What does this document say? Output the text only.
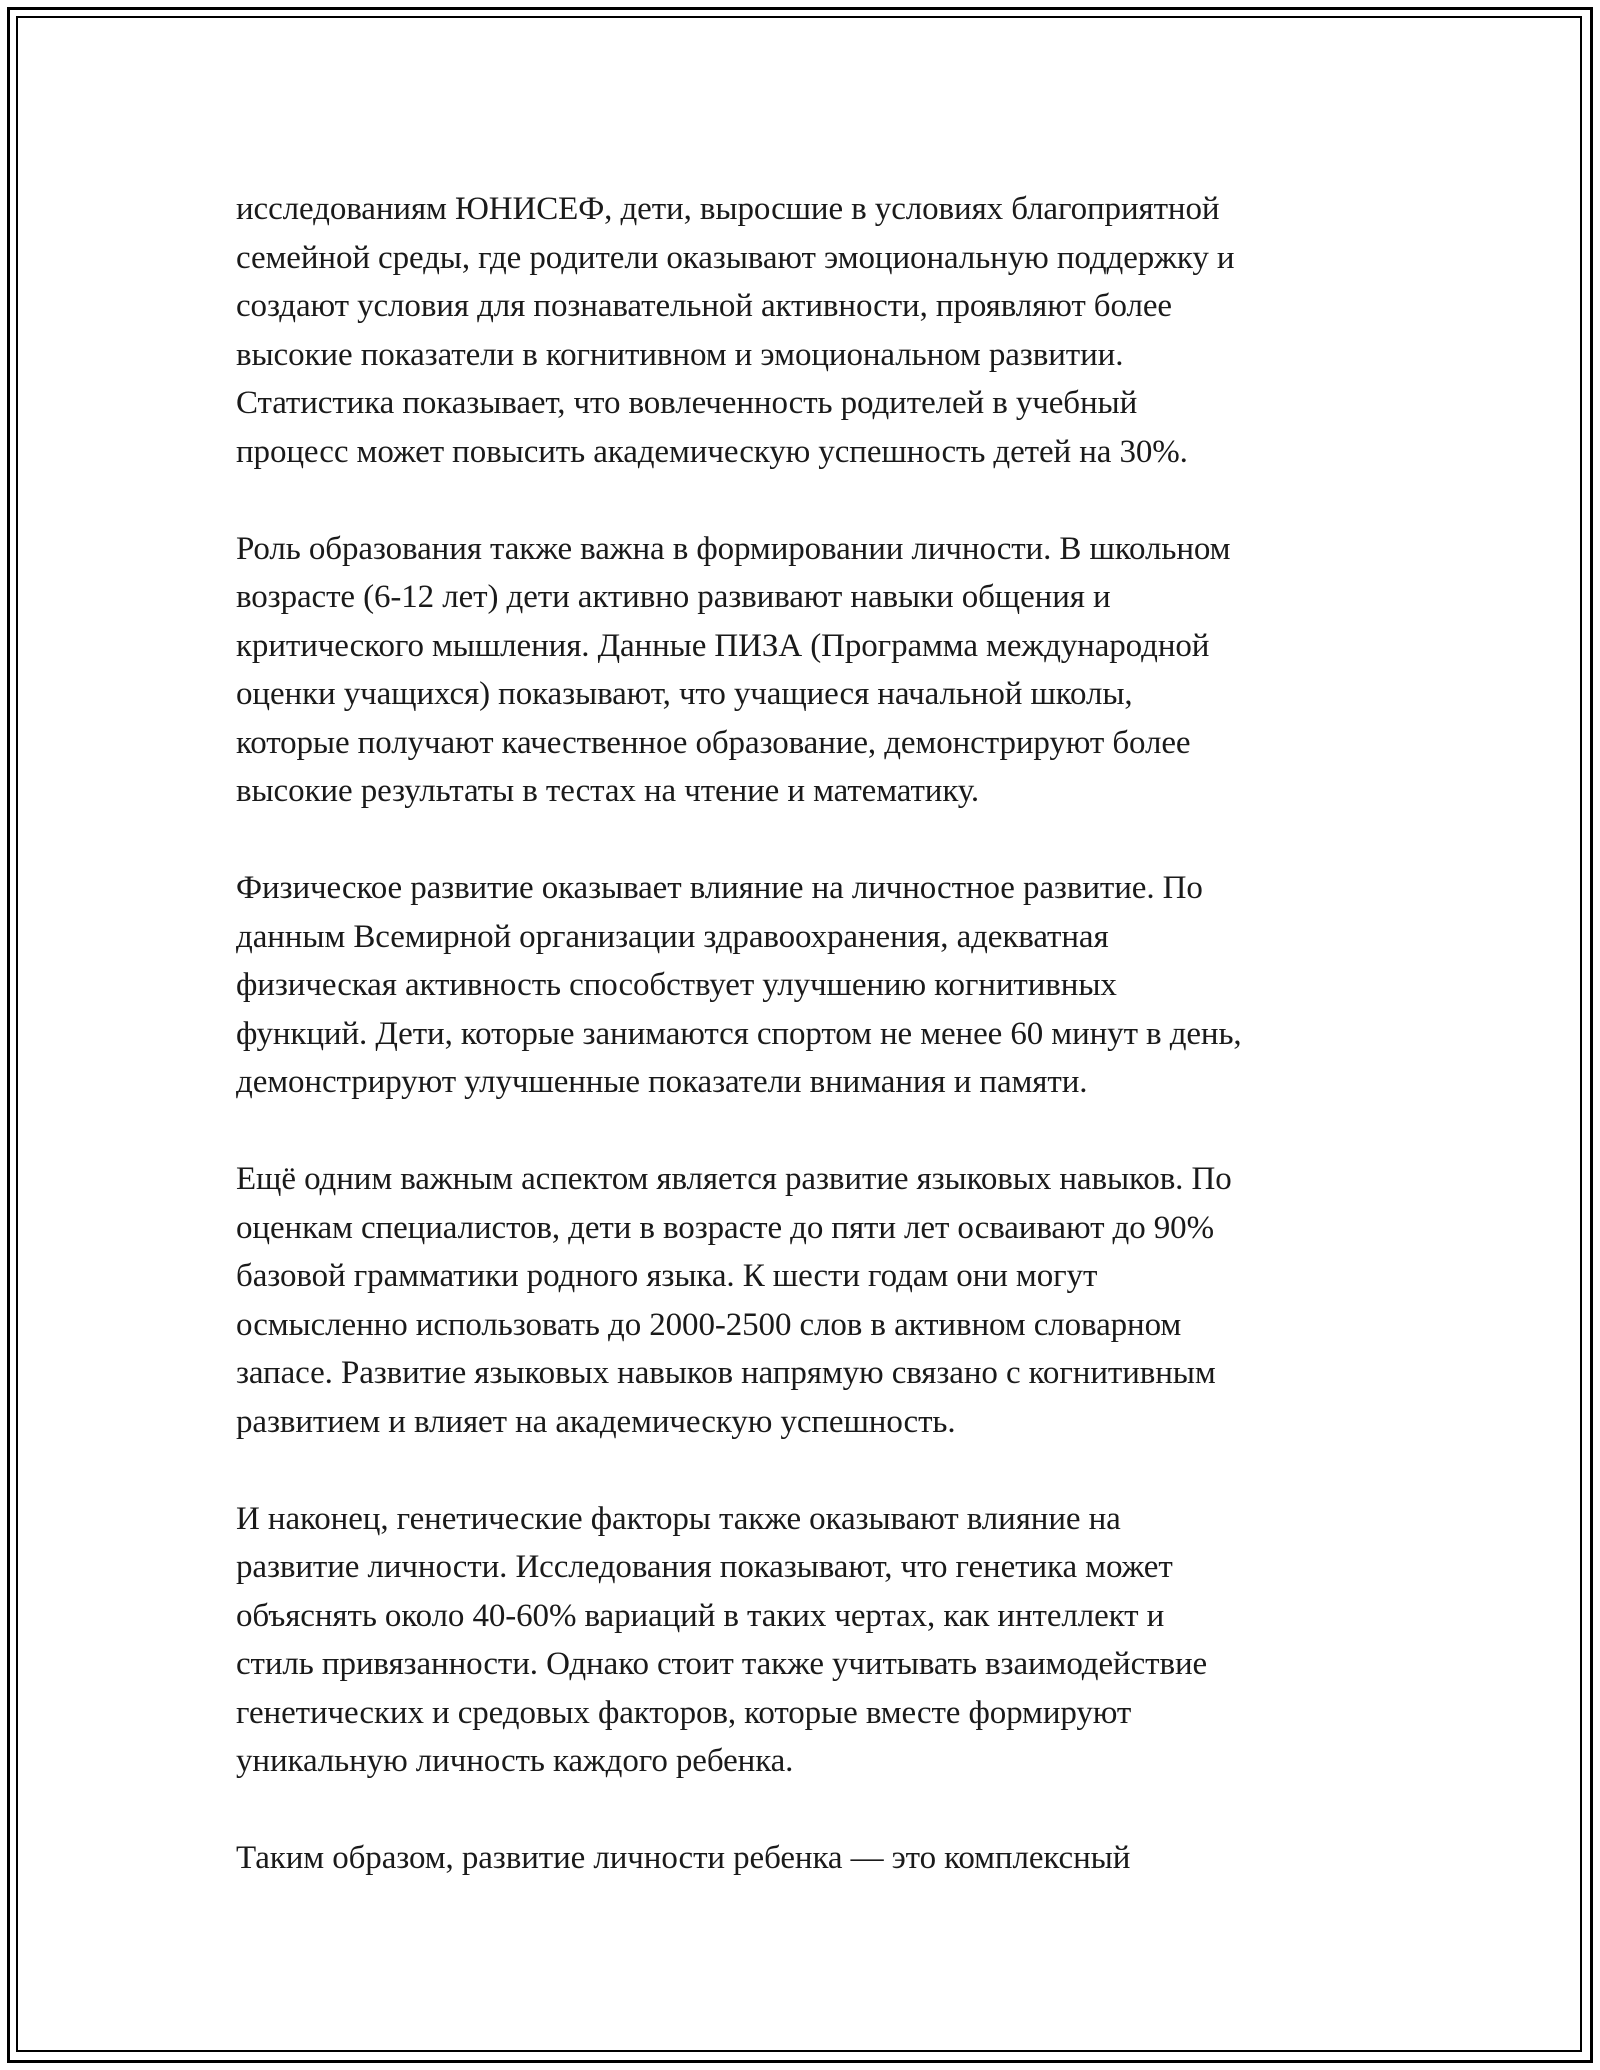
исследованиям ЮНИСЕФ, дети, выросшие в условиях благоприятной
семейной среды, где родители оказывают эмоциональную поддержку и
создают условия для познавательной активности, проявляют более
высокие показатели в когнитивном и эмоциональном развитии.
Статистика показывает, что вовлеченность родителей в учебный
процесс может повысить академическую успешность детей на 30%.

Роль образования также важна в формировании личности. В школьном
возрасте (6-12 лет) дети активно развивают навыки общения и
критического мышления. Данные ПИЗА (Программа международной
оценки учащихся) показывают, что учащиеся начальной школы,
которые получают качественное образование, демонстрируют более
высокие результаты в тестах на чтение и математику.

Физическое развитие оказывает влияние на личностное развитие. По
данным Всемирной организации здравоохранения, адекватная
физическая активность способствует улучшению когнитивных
функций. Дети, которые занимаются спортом не менее 60 минут в день,
демонстрируют улучшенные показатели внимания и памяти.

Ещё одним важным аспектом является развитие языковых навыков. По
оценкам специалистов, дети в возрасте до пяти лет осваивают до 90%
базовой грамматики родного языка. К шести годам они могут
осмысленно использовать до 2000-2500 слов в активном словарном
запасе. Развитие языковых навыков напрямую связано с когнитивным
развитием и влияет на академическую успешность.

И наконец, генетические факторы также оказывают влияние на
развитие личности. Исследования показывают, что генетика может
объяснять около 40-60% вариаций в таких чертах, как интеллект и
стиль привязанности. Однако стоит также учитывать взаимодействие
генетических и средовых факторов, которые вместе формируют
уникальную личность каждого ребенка.

Таким образом, развитие личности ребенка — это комплексный
